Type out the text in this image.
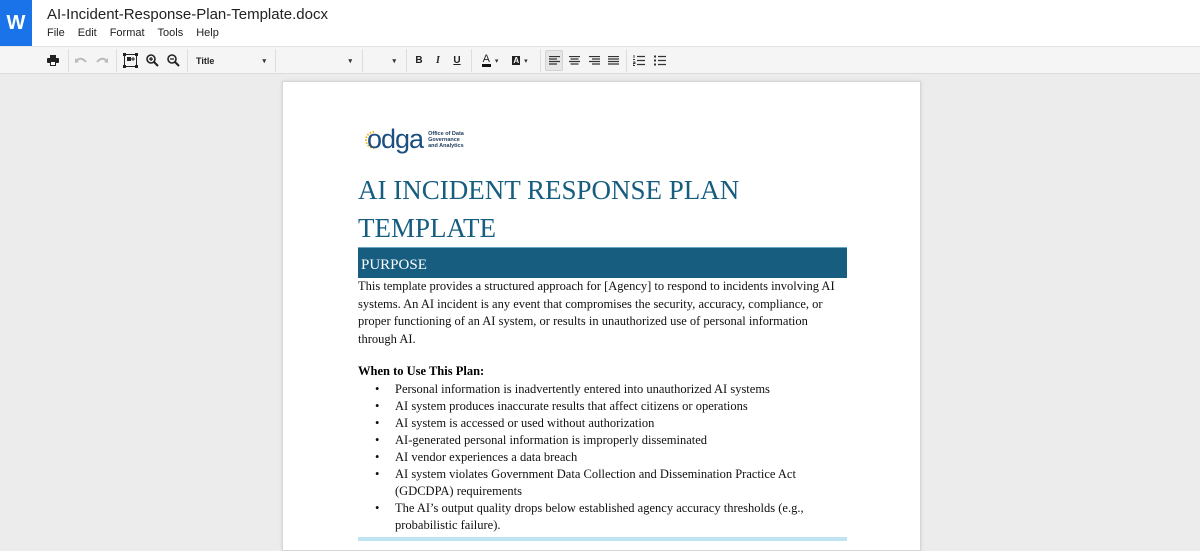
W	AI-Incident-Response-Plan-Template.docx
File Edit Format Tools Help
Title	▾	▾	▾	B	I	U	A ▾ A ▾
odga Office of Data
Governance
and Analytics
AI INCIDENT RESPONSE PLAN
TEMPLATE
PURPOSE

This template provides a structured approach for [Agency] to respond to incidents involving AI systems. An AI incident is any event that compromises the security, accuracy, compliance, or proper functioning of an AI system, or results in unauthorized use of personal information through AI.

When to Use This Plan:
• Personal information is inadvertently entered into unauthorized AI systems
• AI system produces inaccurate results that affect citizens or operations
• AI system is accessed or used without authorization
• AI-generated personal information is improperly disseminated
• AI vendor experiences a data breach
• AI system violates Government Data Collection and Dissemination Practice Act (GDCDPA) requirements
• The AI’s output quality drops below established agency accuracy thresholds (e.g., probabilistic failure).
